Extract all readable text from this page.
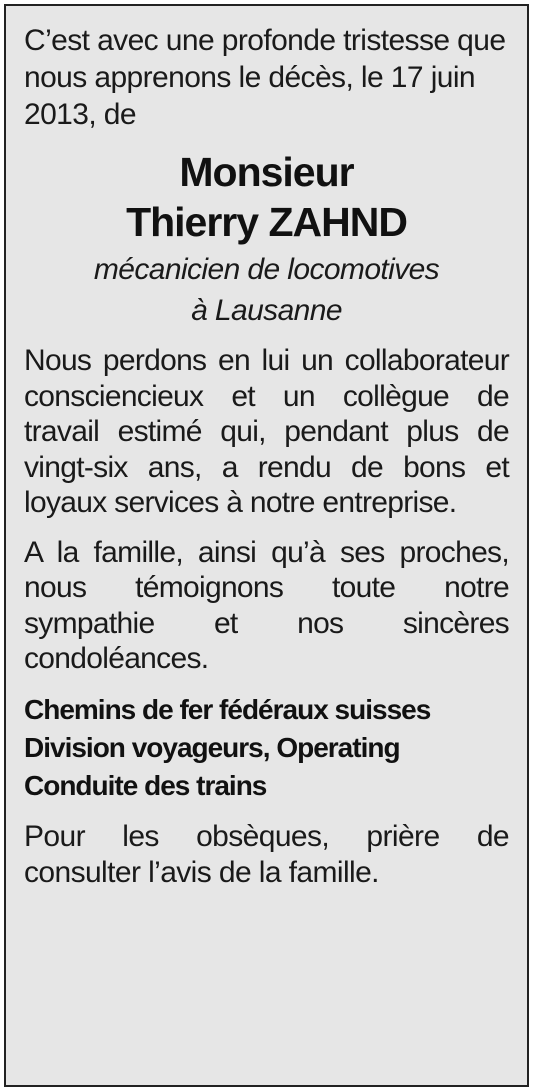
C’est avec une profonde tristesse que nous apprenons le décès, le 17 juin 2013, de

Monsieur
Thierry ZAHND
mécanicien de locomotives
à Lausanne

Nous perdons en lui un collaborateur consciencieux et un collègue de travail estimé qui, pendant plus de vingt-six ans, a rendu de bons et loyaux services à notre entreprise.

A la famille, ainsi qu’à ses proches, nous témoignons toute notre sympathie et nos sincères condoléances.

Chemins de fer fédéraux suisses
Division voyageurs, Operating
Conduite des trains

Pour les obsèques, prière de consulter l’avis de la famille.
